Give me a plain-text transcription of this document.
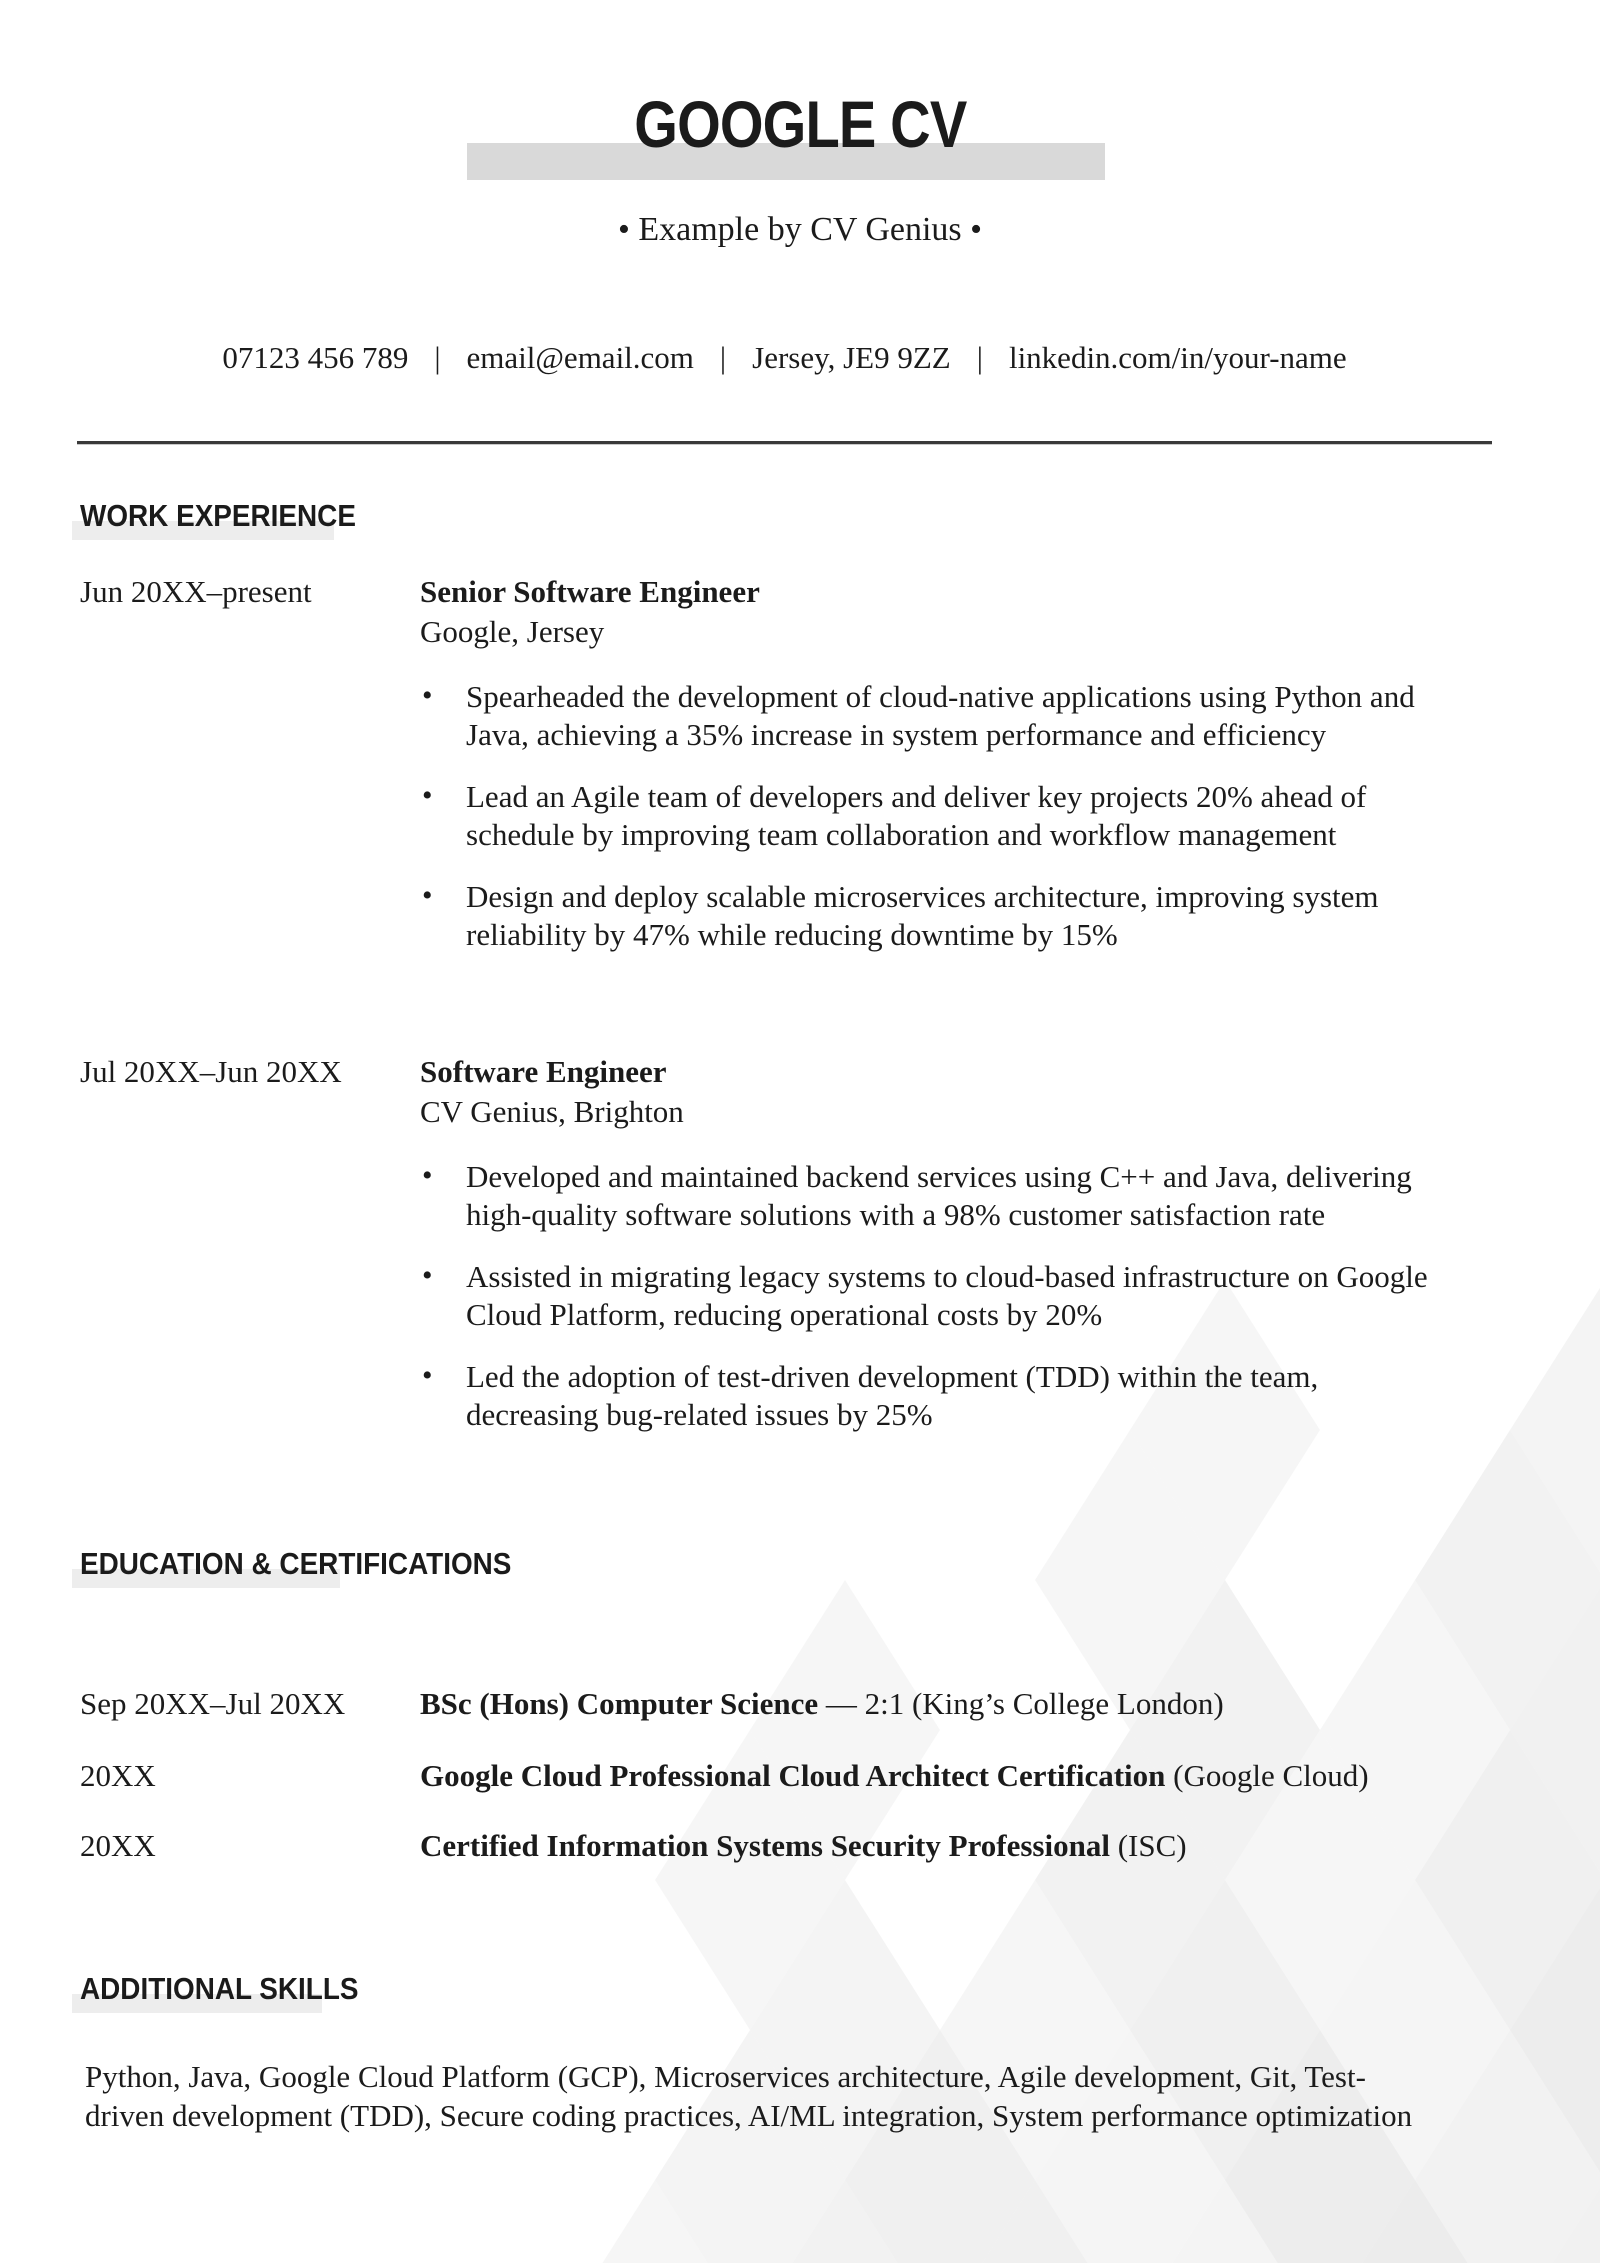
GOOGLE CV
• Example by CV Genius •
07123 456 789 | email@email.com | Jersey, JE9 9ZZ | linkedin.com/in/your-name
WORK EXPERIENCE
Jun 20XX–present	Senior Software Engineer
Google, Jersey
• Spearheaded the development of cloud-native applications using Python and Java, achieving a 35% increase in system performance and efficiency
• Lead an Agile team of developers and deliver key projects 20% ahead of schedule by improving team collaboration and workflow management
• Design and deploy scalable microservices architecture, improving system reliability by 47% while reducing downtime by 15%
Jul 20XX–Jun 20XX	Software Engineer
CV Genius, Brighton
• Developed and maintained backend services using C++ and Java, delivering high-quality software solutions with a 98% customer satisfaction rate
• Assisted in migrating legacy systems to cloud-based infrastructure on Google Cloud Platform, reducing operational costs by 20%
• Led the adoption of test-driven development (TDD) within the team, decreasing bug-related issues by 25%
EDUCATION & CERTIFICATIONS
Sep 20XX–Jul 20XX	BSc (Hons) Computer Science — 2:1 (King’s College London)
20XX	Google Cloud Professional Cloud Architect Certification (Google Cloud)
20XX	Certified Information Systems Security Professional (ISC)
ADDITIONAL SKILLS

Python, Java, Google Cloud Platform (GCP), Microservices architecture, Agile development, Git, Test-driven development (TDD), Secure coding practices, AI/ML integration, System performance optimization
